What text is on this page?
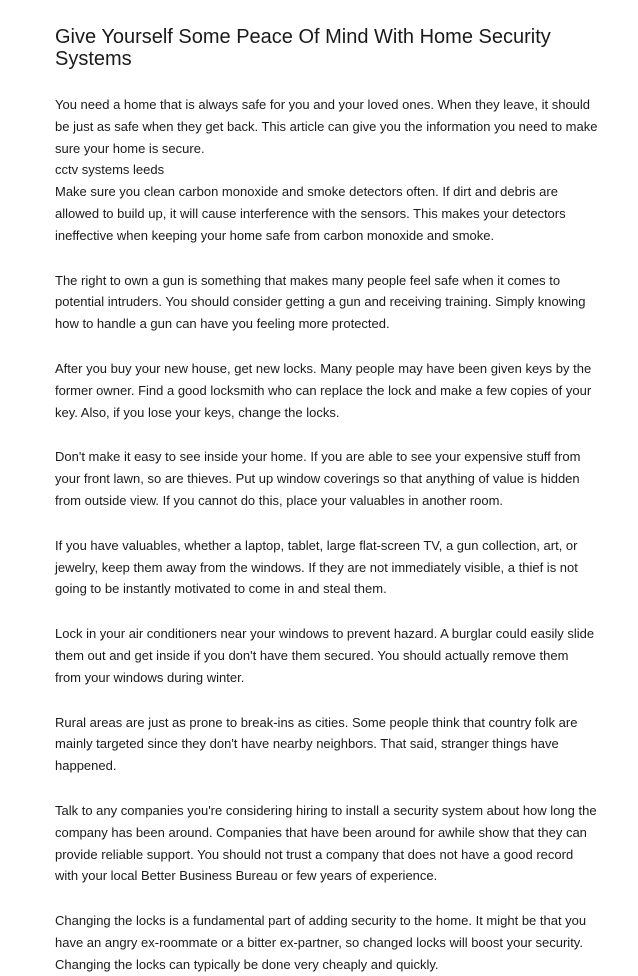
Give Yourself Some Peace Of Mind With Home Security Systems

You need a home that is always safe for you and your loved ones. When they leave, it should be just as safe when they get back. This article can give you the information you need to make sure your home is secure.

cctv systems leeds

Make sure you clean carbon monoxide and smoke detectors often. If dirt and debris are allowed to build up, it will cause interference with the sensors. This makes your detectors ineffective when keeping your home safe from carbon monoxide and smoke.

The right to own a gun is something that makes many people feel safe when it comes to potential intruders. You should consider getting a gun and receiving training. Simply knowing how to handle a gun can have you feeling more protected.

After you buy your new house, get new locks. Many people may have been given keys by the former owner. Find a good locksmith who can replace the lock and make a few copies of your key. Also, if you lose your keys, change the locks.

Don't make it easy to see inside your home. If you are able to see your expensive stuff from your front lawn, so are thieves. Put up window coverings so that anything of value is hidden from outside view. If you cannot do this, place your valuables in another room.

If you have valuables, whether a laptop, tablet, large flat-screen TV, a gun collection, art, or jewelry, keep them away from the windows. If they are not immediately visible, a thief is not going to be instantly motivated to come in and steal them.

Lock in your air conditioners near your windows to prevent hazard. A burglar could easily slide them out and get inside if you don't have them secured. You should actually remove them from your windows during winter.

Rural areas are just as prone to break-ins as cities. Some people think that country folk are mainly targeted since they don't have nearby neighbors. That said, stranger things have happened.

Talk to any companies you're considering hiring to install a security system about how long the company has been around. Companies that have been around for awhile show that they can provide reliable support. You should not trust a company that does not have a good record with your local Better Business Bureau or few years of experience.

Changing the locks is a fundamental part of adding security to the home. It might be that you have an angry ex-roommate or a bitter ex-partner, so changed locks will boost your security. Changing the locks can typically be done very cheaply and quickly.
